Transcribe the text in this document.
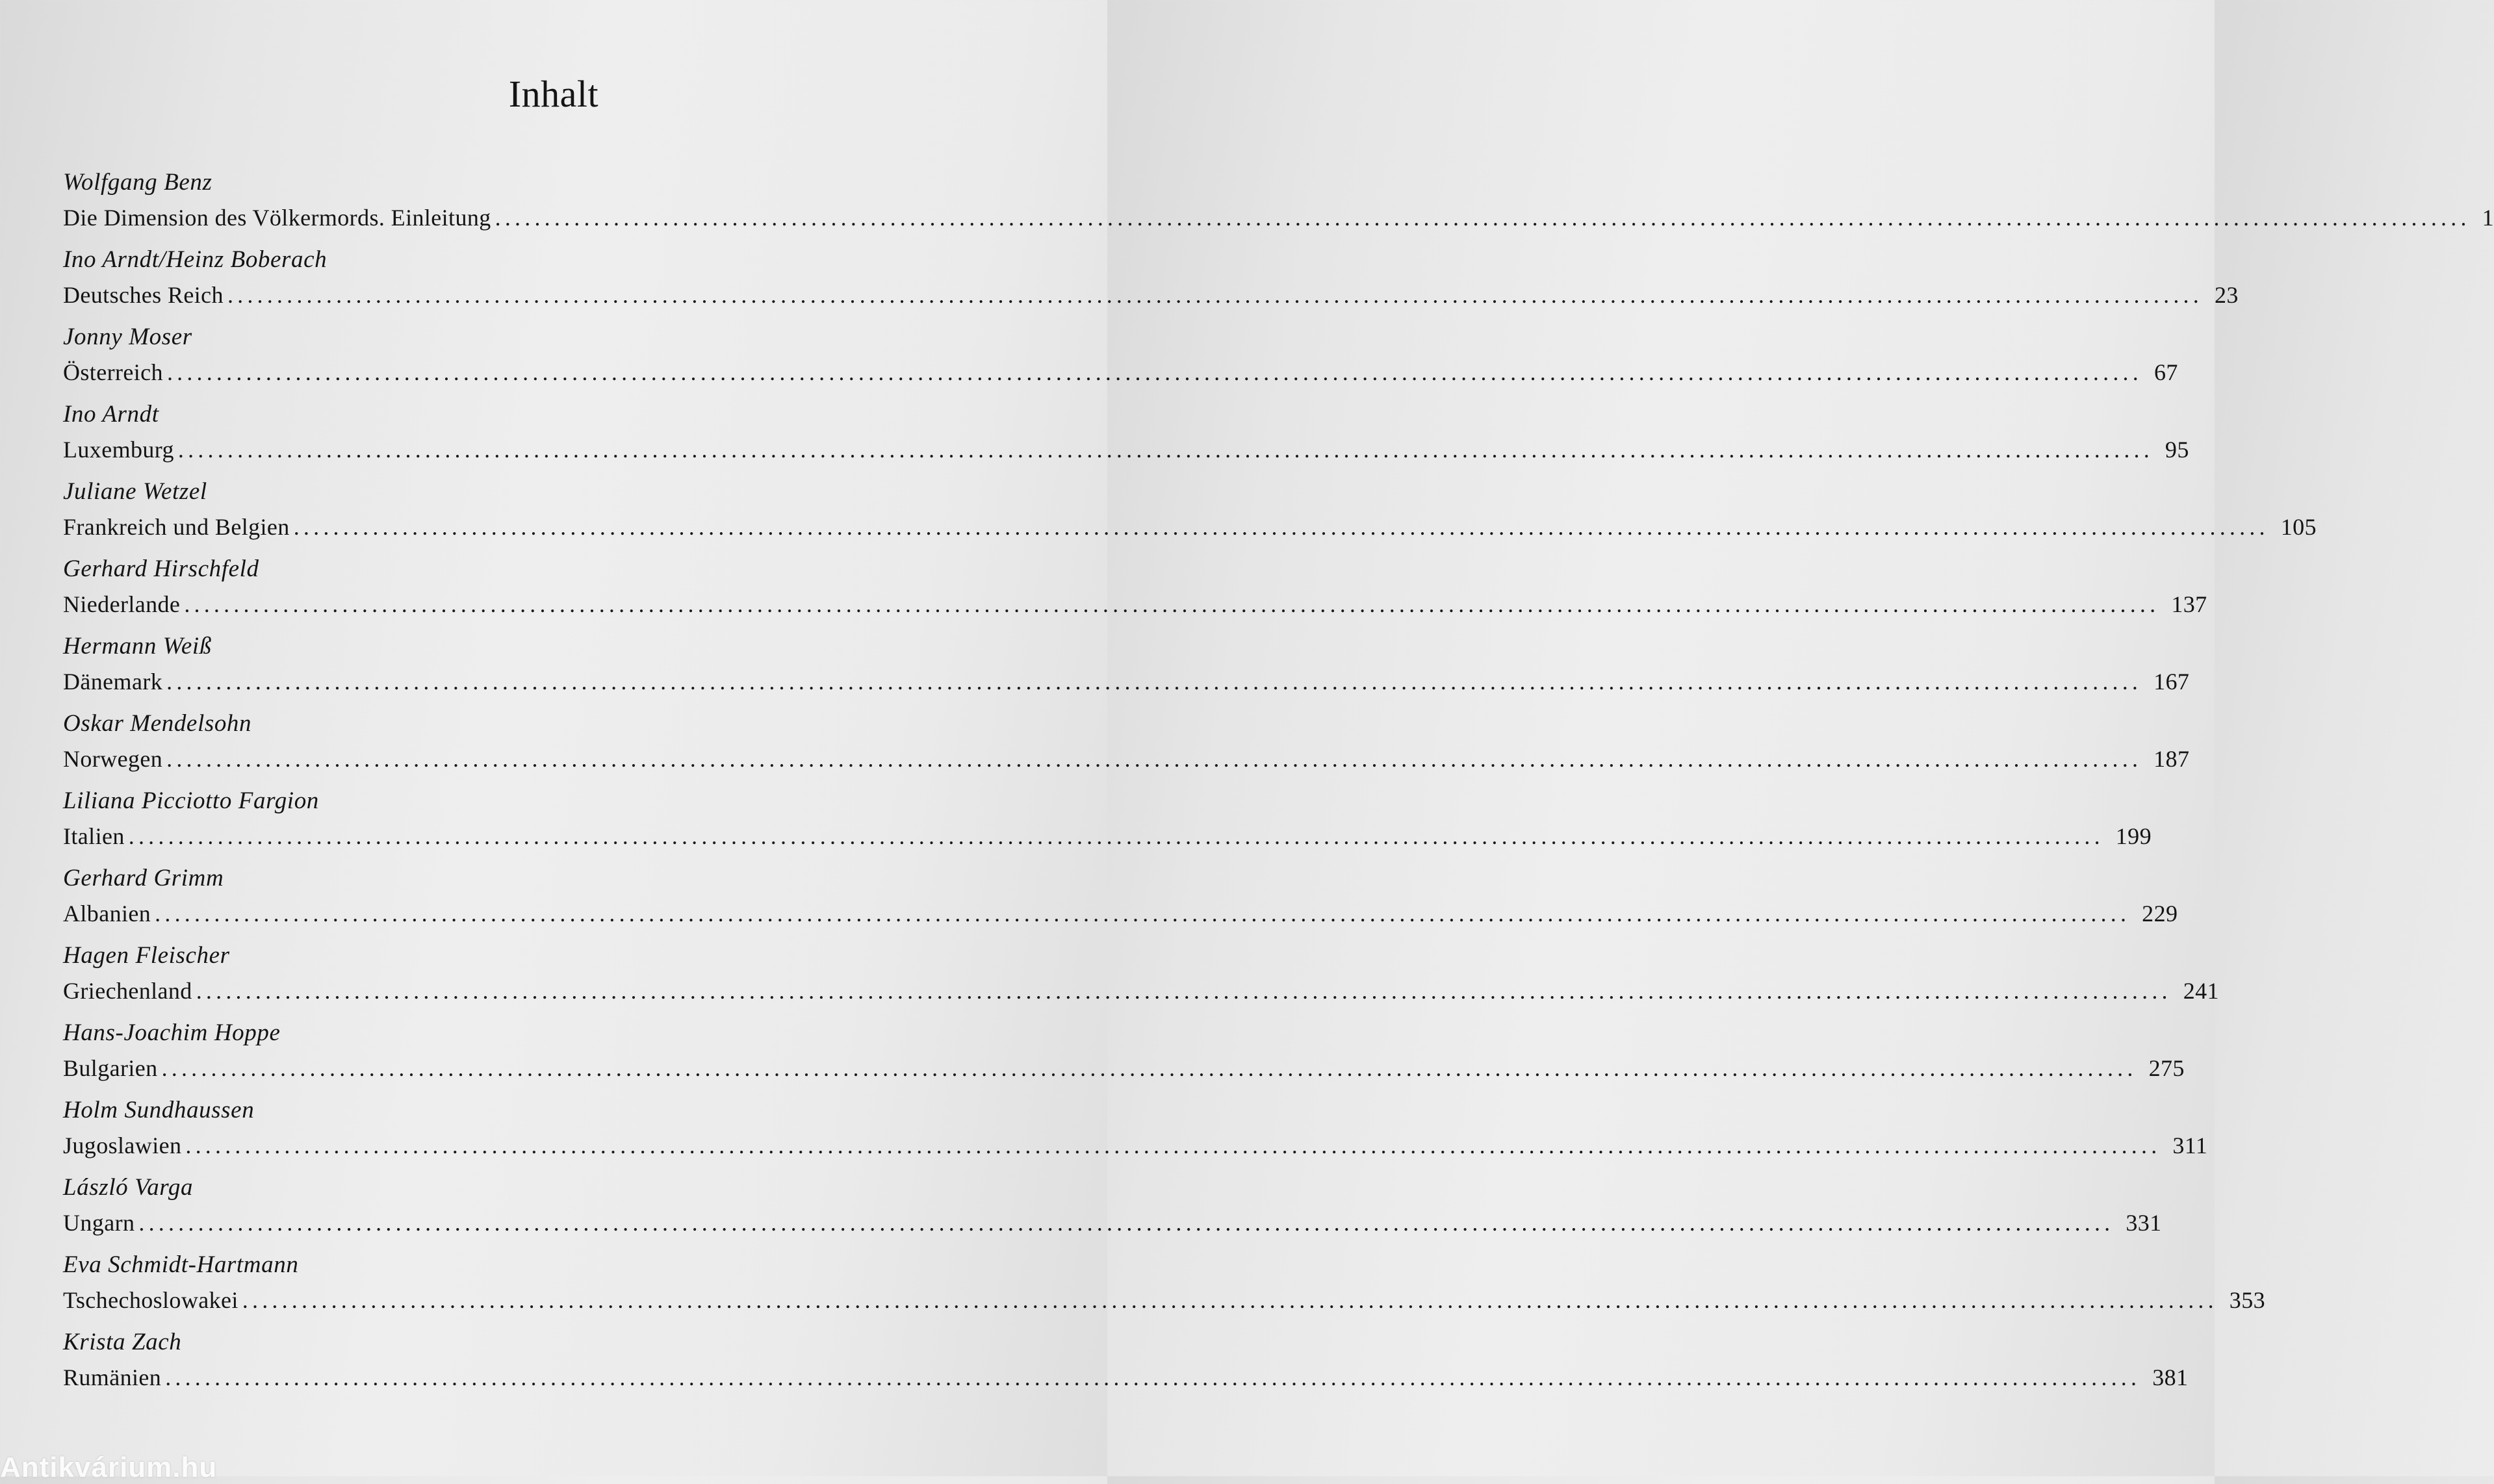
Inhalt
Wolfgang Benz
Die Dimension des Völkermords. Einleitung ........................................................................................................................................................................................................ 1
Ino Arndt/Heinz Boberach
Deutsches Reich ........................................................................................................................................................................................................ 23
Jonny Moser
Österreich ........................................................................................................................................................................................................ 67
Ino Arndt
Luxemburg ........................................................................................................................................................................................................ 95
Juliane Wetzel
Frankreich und Belgien ........................................................................................................................................................................................................ 105
Gerhard Hirschfeld
Niederlande ........................................................................................................................................................................................................ 137
Hermann Weiß
Dänemark ........................................................................................................................................................................................................ 167
Oskar Mendelsohn
Norwegen ........................................................................................................................................................................................................ 187
Liliana Picciotto Fargion
Italien ........................................................................................................................................................................................................ 199
Gerhard Grimm
Albanien ........................................................................................................................................................................................................ 229
Hagen Fleischer
Griechenland ........................................................................................................................................................................................................ 241
Hans-Joachim Hoppe
Bulgarien ........................................................................................................................................................................................................ 275
Holm Sundhaussen
Jugoslawien ........................................................................................................................................................................................................ 311
László Varga
Ungarn ........................................................................................................................................................................................................ 331
Eva Schmidt-Hartmann
Tschechoslowakei ........................................................................................................................................................................................................ 353
Krista Zach
Rumänien ........................................................................................................................................................................................................ 381
Antikvárium.hu
